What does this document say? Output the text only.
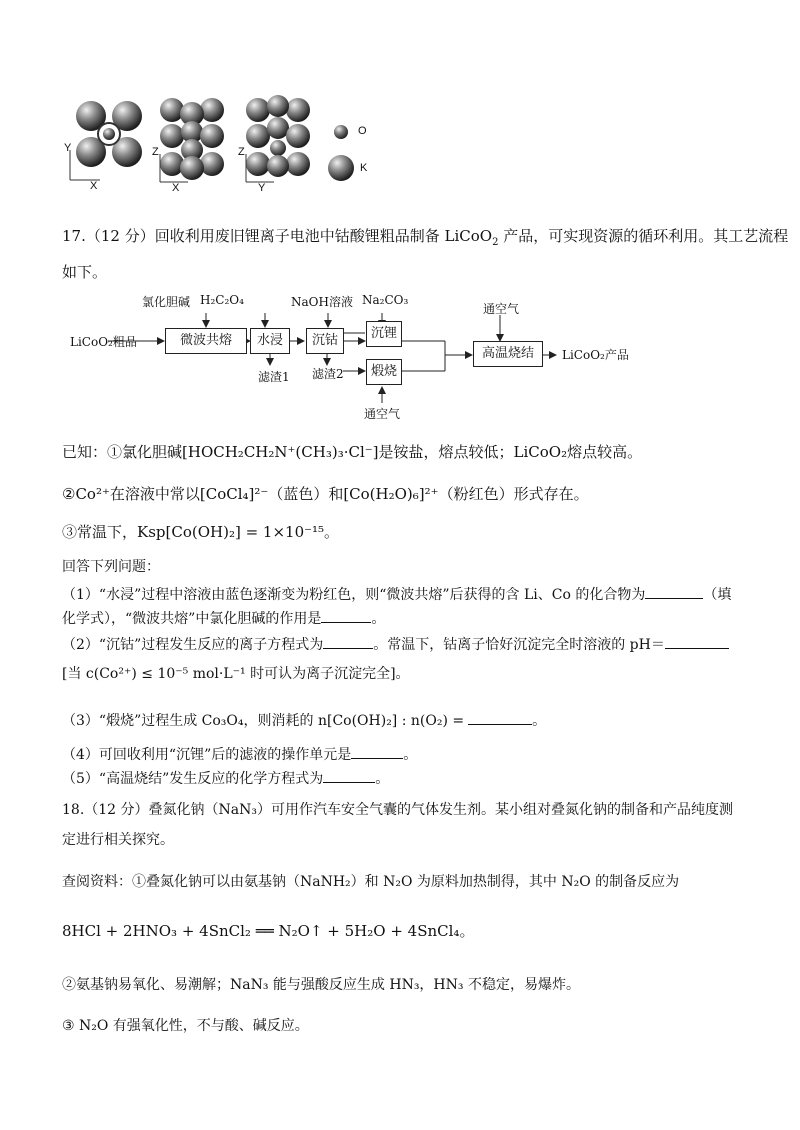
Y
X
Z
X
Z
Y
O
K
17.（12 分）回收利用废旧锂离子电池中钴酸锂粗品制备 LiCoO$_2$ 产品，可实现资源的循环利用。其工艺流程
如下。
LiCoO₂粗品
氯化胆碱 H₂C₂O₄	NaOH溶液 Na₂CO₃
通空气
通空气
微波共熔	水浸	沉钴	沉锂
煅烧
高温烧结
滤渣1 滤渣2
LiCoO₂产品
已知：①氯化胆碱[HOCH₂CH₂N⁺(CH₃)₃·Cl⁻]是铵盐，熔点较低；LiCoO₂熔点较高。
②Co²⁺在溶液中常以[CoCl₄]²⁻（蓝色）和[Co(H₂O)₆]²⁺（粉红色）形式存在。
③常温下，Ksp[Co(OH)₂] = 1×10⁻¹⁵。
回答下列问题：
（1）“水浸”过程中溶液由蓝色逐渐变为粉红色，则“微波共熔”后获得的含 Li、Co 的化合物为	（填
化学式），“微波共熔”中氯化胆碱的作用是	。
（2）“沉钴”过程发生反应的离子方程式为	。常温下，钴离子恰好沉淀完全时溶液的 pH＝
[当 c(Co²⁺) ≤ 10⁻⁵ mol·L⁻¹ 时可认为离子沉淀完全]。
（3）“煅烧”过程生成 Co₃O₄，则消耗的 n[Co(OH)₂] : n(O₂) =	。
（4）可回收利用“沉锂”后的滤液的操作单元是	。
（5）“高温烧结”发生反应的化学方程式为	。
18.（12 分）叠氮化钠（NaN₃）可用作汽车安全气囊的气体发生剂。某小组对叠氮化钠的制备和产品纯度测
定进行相关探究。
查阅资料：①叠氮化钠可以由氨基钠（NaNH₂）和 N₂O 为原料加热制得，其中 N₂O 的制备反应为
8HCl + 2HNO₃ + 4SnCl₂ ══ N₂O↑ + 5H₂O + 4SnCl₄。
②氨基钠易氧化、易潮解；NaN₃ 能与强酸反应生成 HN₃，HN₃ 不稳定，易爆炸。
③ N₂O 有强氧化性，不与酸、碱反应。
